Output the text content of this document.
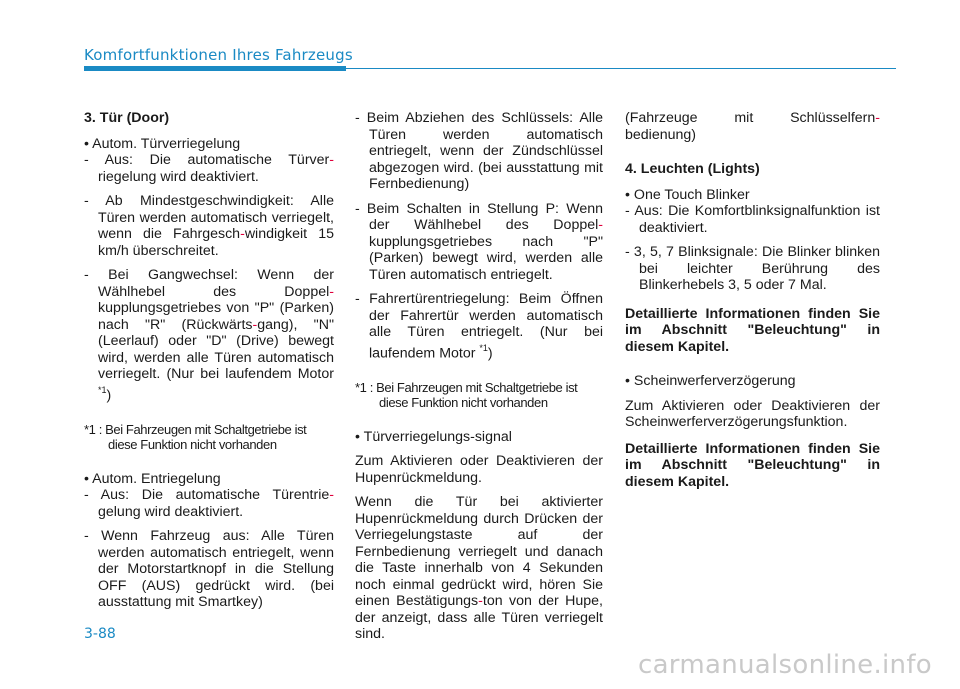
Komfortfunktionen Ihres Fahrzeugs

3. Tür (Door)

• Autom. Türverriegelung
- Aus: Die automatische Türver-riegelung wird deaktiviert.
- Ab Mindestgeschwindigkeit: Alle Türen werden automatisch verriegelt, wenn die Fahrgesch-windigkeit 15 km/h überschreitet.
- Bei Gangwechsel: Wenn der Wählhebel des Doppel-kupplungsgetriebes von "P" (Parken) nach "R" (Rückwärts-gang), "N" (Leerlauf) oder "D" (Drive) bewegt wird, werden alle Türen automatisch verriegelt. (Nur bei laufendem Motor $^{*1}$)
*1 : Bei Fahrzeugen mit Schaltgetriebe ist diese Funktion nicht vorhanden
• Autom. Entriegelung
- Aus: Die automatische Türentrie-gelung wird deaktiviert.
- Wenn Fahrzeug aus: Alle Türen werden automatisch entriegelt, wenn der Motorstartknopf in die Stellung OFF (AUS) gedrückt wird. (bei ausstattung mit Smartkey)
- Beim Abziehen des Schlüssels: Alle Türen werden automatisch entriegelt, wenn der Zündschlüssel abgezogen wird. (bei ausstattung mit Fernbedienung)
- Beim Schalten in Stellung P: Wenn der Wählhebel des Doppel-kupplungsgetriebes nach "P" (Parken) bewegt wird, werden alle Türen automatisch entriegelt.
- Fahrertürentriegelung: Beim Öffnen der Fahrertür werden automatisch alle Türen entriegelt. (Nur bei laufendem Motor $^{*1}$)
*1 : Bei Fahrzeugen mit Schaltgetriebe ist diese Funktion nicht vorhanden
• Türverriegelungs-signal

Zum Aktivieren oder Deaktivieren der Hupenrückmeldung.

Wenn die Tür bei aktivierter Hupenrückmeldung durch Drücken der Verriegelungstaste auf der Fernbedienung verriegelt und danach die Taste innerhalb von 4 Sekunden noch einmal gedrückt wird, hören Sie einen Bestätigungs-ton von der Hupe, der anzeigt, dass alle Türen verriegelt sind.

(Fahrzeuge mit Schlüsselfern-bedienung)

4. Leuchten (Lights)

• One Touch Blinker
- Aus: Die Komfortblinksignalfunktion ist deaktiviert.
- 3, 5, 7 Blinksignale: Die Blinker blinken bei leichter Berührung des Blinkerhebels 3, 5 oder 7 Mal.

Detaillierte Informationen finden Sie im Abschnitt "Beleuchtung" in diesem Kapitel.

• Scheinwerferverzögerung

Zum Aktivieren oder Deaktivieren der Scheinwerferverzögerungsfunktion.

Detaillierte Informationen finden Sie im Abschnitt "Beleuchtung" in diesem Kapitel.

3-88
carmanualsonline.info
